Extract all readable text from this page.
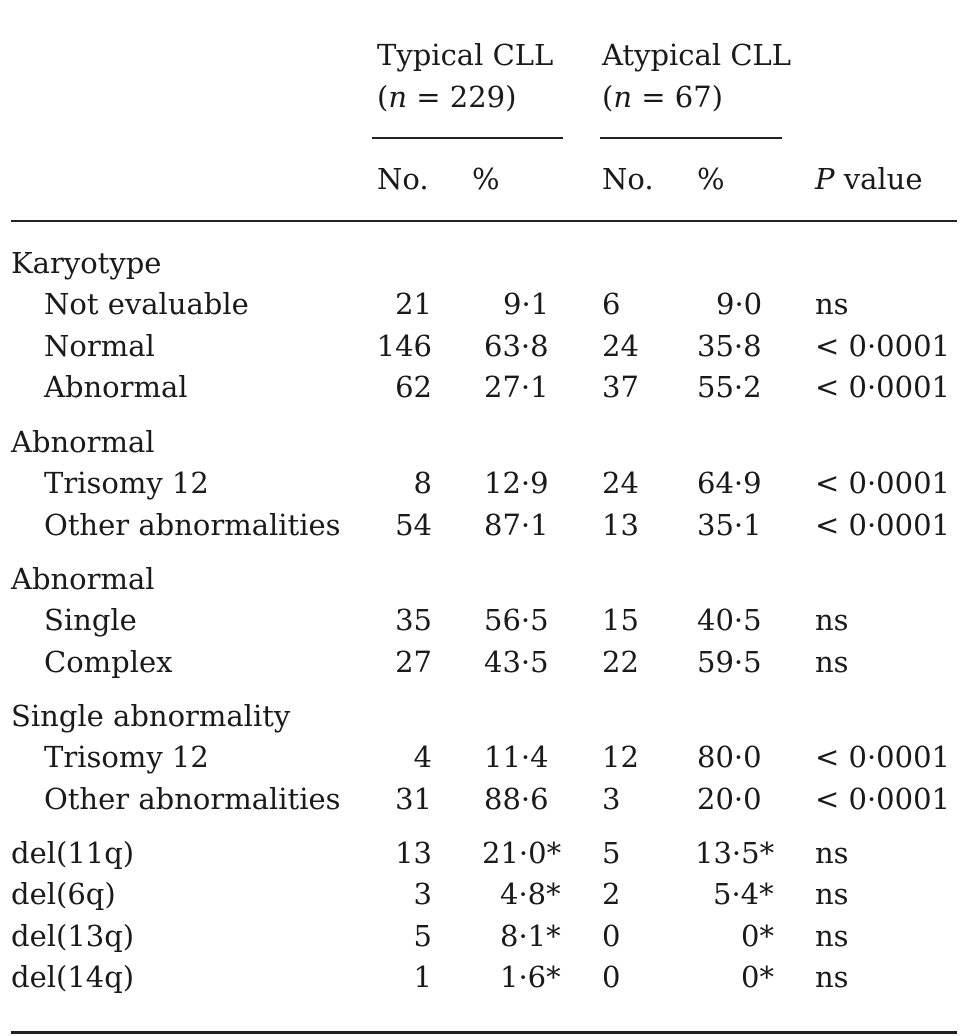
Typical CLL
(n = 229)
Atypical CLL
(n = 67)
No. %	No. %	P value
Karyotype
Not evaluable	21 9·1 6	9·0 ns
Normal	146 63·8 24 35·8 < 0·0001
Abnormal	62 27·1 37 55·2 < 0·0001
Abnormal
Trisomy 12	8 12·9 24 64·9 < 0·0001
Other abnormalities	54 87·1 13 35·1 < 0·0001
Abnormal
Single	35 56·5 15 40·5 ns
Complex	27 43·5 22 59·5 ns
Single abnormality
Trisomy 12	4 11·4 12 80·0 < 0·0001
Other abnormalities	31 88·6 3	20·0 < 0·0001
del(11q)	13 21·0* 5	13·5* ns
del(6q)	3 4·8* 2	5·4* ns
del(13q)	5 8·1* 0	0* ns
del(14q)	1 1·6* 0	0* ns
